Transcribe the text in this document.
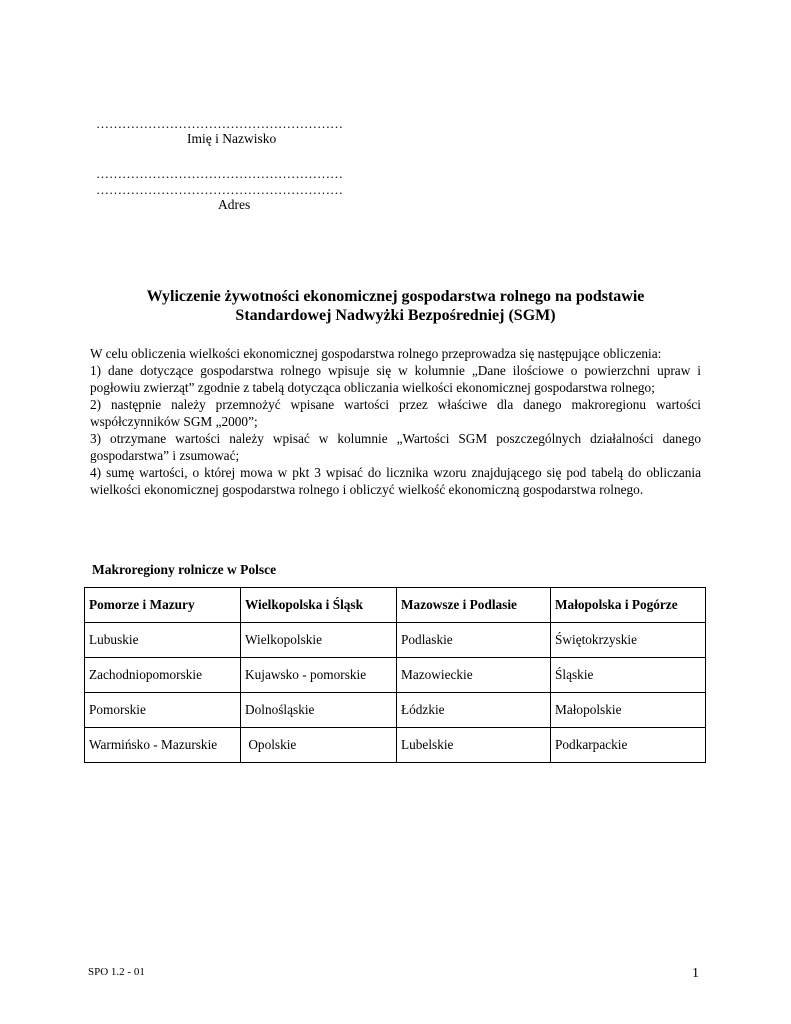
…………………………………………………
Imię i Nazwisko
…………………………………………………
…………………………………………………
Adres
Wyliczenie żywotności ekonomicznej gospodarstwa rolnego na podstawie
Standardowej Nadwyżki Bezpośredniej (SGM)

W celu obliczenia wielkości ekonomicznej gospodarstwa rolnego przeprowadza się następujące obliczenia:

1) dane dotyczące gospodarstwa rolnego wpisuje się w kolumnie „Dane ilościowe o powierzchni upraw i pogłowiu zwierząt” zgodnie z tabelą dotycząca obliczania wielkości ekonomicznej gospodarstwa rolnego;

2) następnie należy przemnożyć wpisane wartości przez właściwe dla danego makroregionu wartości współczynników SGM „2000”;

3) otrzymane wartości należy wpisać w kolumnie „Wartości SGM poszczególnych działalności danego gospodarstwa” i zsumować;

4) sumę wartości, o której mowa w pkt 3 wpisać do licznika wzoru znajdującego się pod tabelą do obliczania wielkości ekonomicznej gospodarstwa rolnego i obliczyć wielkość ekonomiczną gospodarstwa rolnego.

Makroregiony rolnicze w Polsce
Pomorze i Mazury	Wielkopolska i Śląsk	Mazowsze i Podlasie	Małopolska i Pogórze
Lubuskie	Wielkopolskie	Podlaskie	Świętokrzyskie
Zachodniopomorskie	Kujawsko - pomorskie	Mazowieckie	Śląskie
Pomorskie	Dolnośląskie	Łódzkie	Małopolskie
Warmińsko - Mazurskie	Opolskie	Lubelskie	Podkarpackie
SPO 1.2 - 01	1
